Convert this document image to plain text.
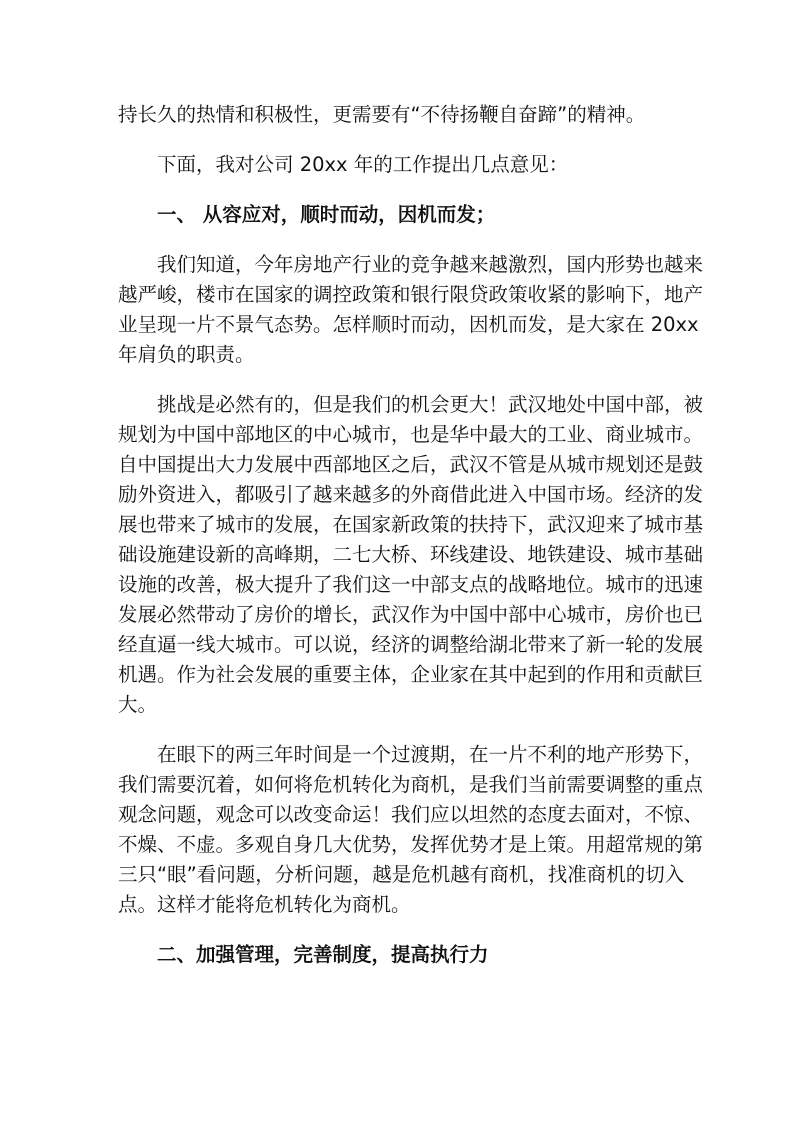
持长久的热情和积极性，更需要有“不待扬鞭自奋蹄”的精神。
下面，我对公司 20xx 年的工作提出几点意见：
一、 从容应对，顺时而动，因机而发；
我们知道，今年房地产行业的竞争越来越激烈，国内形势也越来
越严峻，楼市在国家的调控政策和银行限贷政策收紧的影响下，地产
业呈现一片不景气态势。怎样顺时而动，因机而发，是大家在 20xx
年肩负的职责。
挑战是必然有的，但是我们的机会更大！武汉地处中国中部，被
规划为中国中部地区的中心城市，也是华中最大的工业、商业城市。
自中国提出大力发展中西部地区之后，武汉不管是从城市规划还是鼓
励外资进入，都吸引了越来越多的外商借此进入中国市场。经济的发
展也带来了城市的发展，在国家新政策的扶持下，武汉迎来了城市基
础设施建设新的高峰期，二七大桥、环线建设、地铁建设、城市基础
设施的改善，极大提升了我们这一中部支点的战略地位。城市的迅速
发展必然带动了房价的增长，武汉作为中国中部中心城市，房价也已
经直逼一线大城市。可以说，经济的调整给湖北带来了新一轮的发展
机遇。作为社会发展的重要主体，企业家在其中起到的作用和贡献巨
大。
在眼下的两三年时间是一个过渡期，在一片不利的地产形势下，
我们需要沉着，如何将危机转化为商机，是我们当前需要调整的重点
观念问题，观念可以改变命运！我们应以坦然的态度去面对，不惊、
不燥、不虚。多观自身几大优势，发挥优势才是上策。用超常规的第
三只“眼”看问题，分析问题，越是危机越有商机，找准商机的切入
点。这样才能将危机转化为商机。
二、加强管理，完善制度，提高执行力
